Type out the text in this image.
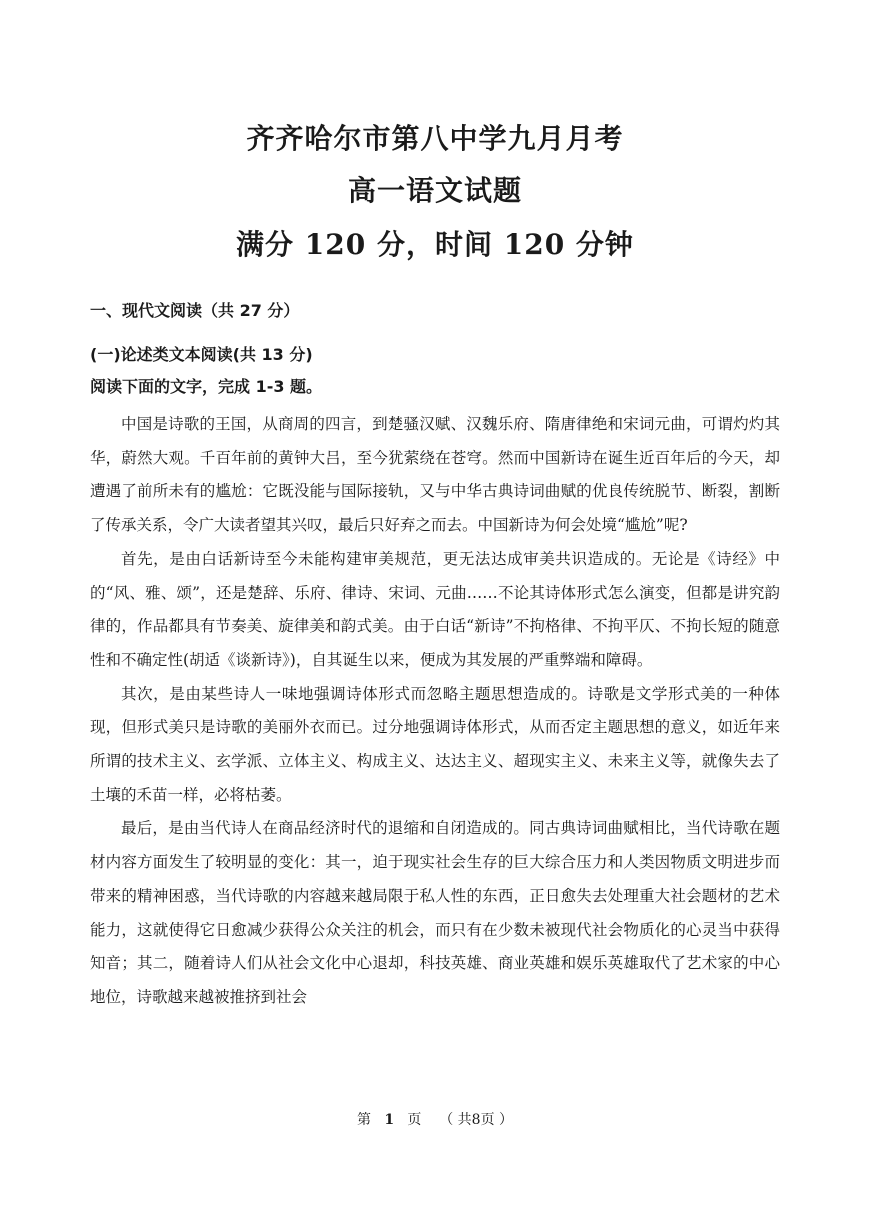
齐齐哈尔市第八中学九月月考
高一语文试题
满分 120 分，时间 120 分钟
一、现代文阅读（共 27 分）
(一)论述类文本阅读(共 13 分)
阅读下面的文字，完成 1-3 题。

中国是诗歌的王国，从商周的四言，到楚骚汉赋、汉魏乐府、隋唐律绝和宋词元曲，可谓灼灼其华，蔚然大观。千百年前的黄钟大吕，至今犹萦绕在苍穹。然而中国新诗在诞生近百年后的今天，却遭遇了前所未有的尴尬：它既没能与国际接轨，又与中华古典诗词曲赋的优良传统脱节、断裂，割断了传承关系，令广大读者望其兴叹，最后只好弃之而去。中国新诗为何会处境“尴尬”呢?

首先，是由白话新诗至今未能构建审美规范，更无法达成审美共识造成的。无论是《诗经》中的“风、雅、颂”，还是楚辞、乐府、律诗、宋词、元曲……不论其诗体形式怎么演变，但都是讲究韵律的，作品都具有节奏美、旋律美和韵式美。由于白话“新诗”不拘格律、不拘平仄、不拘长短的随意性和不确定性(胡适《谈新诗》)，自其诞生以来，便成为其发展的严重弊端和障碍。

其次，是由某些诗人一味地强调诗体形式而忽略主题思想造成的。诗歌是文学形式美的一种体现，但形式美只是诗歌的美丽外衣而已。过分地强调诗体形式，从而否定主题思想的意义，如近年来所谓的技术主义、玄学派、立体主义、构成主义、达达主义、超现实主义、未来主义等，就像失去了土壤的禾苗一样，必将枯萎。

最后，是由当代诗人在商品经济时代的退缩和自闭造成的。同古典诗词曲赋相比，当代诗歌在题材内容方面发生了较明显的变化：其一，迫于现实社会生存的巨大综合压力和人类因物质文明进步而带来的精神困惑，当代诗歌的内容越来越局限于私人性的东西，正日愈失去处理重大社会题材的艺术能力，这就使得它日愈减少获得公众关注的机会，而只有在少数未被现代社会物质化的心灵当中获得知音；其二，随着诗人们从社会文化中心退却，科技英雄、商业英雄和娱乐英雄取代了艺术家的中心地位，诗歌越来越被推挤到社会

第 1 页 （ 共8页 ）
